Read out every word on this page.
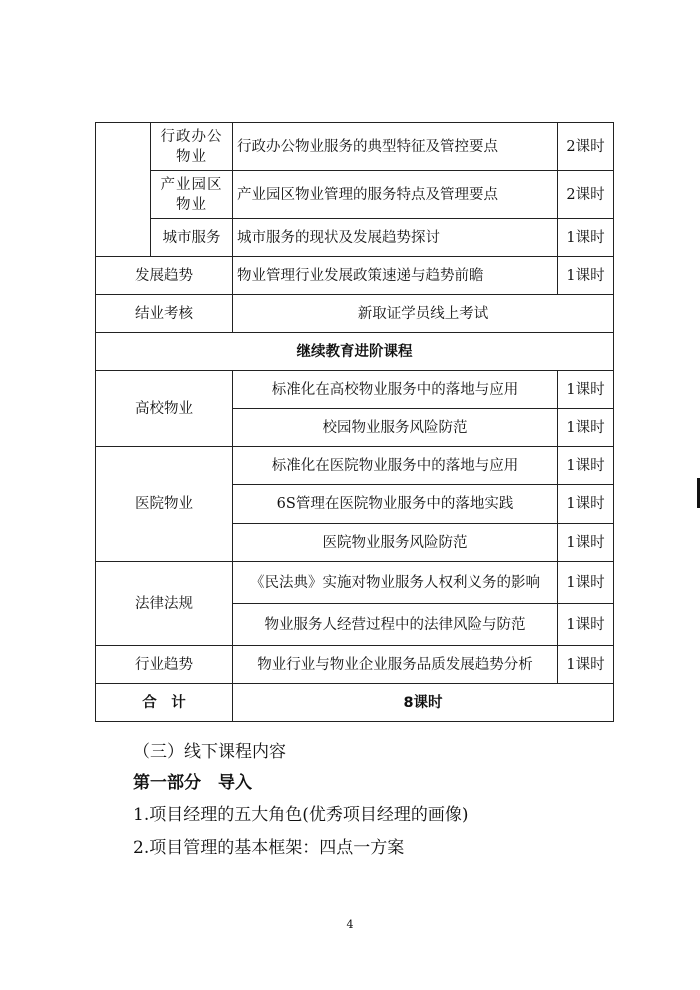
	行政办公物业	行政办公物业服务的典型特征及管控要点	2课时
	产业园区物业	产业园区物业管理的服务特点及管理要点	2课时
	城市服务	城市服务的现状及发展趋势探讨	1课时
发展趋势		物业管理行业发展政策速递与趋势前瞻	1课时
结业考核		新取证学员线上考试	
继续教育进阶课程			
高校物业		标准化在高校物业服务中的落地与应用	1课时
		校园物业服务风险防范	1课时
医院物业		标准化在医院物业服务中的落地与应用	1课时
		6S管理在医院物业服务中的落地实践	1课时
		医院物业服务风险防范	1课时
法律法规		《民法典》实施对物业服务人权利义务的影响	1课时
		物业服务人经营过程中的法律风险与防范	1课时
行业趋势		物业行业与物业企业服务品质发展趋势分析	1课时
合　计		8课时	
（三）线下课程内容
第一部分　导入
1.项目经理的五大角色(优秀项目经理的画像)
2.项目管理的基本框架：四点一方案
4
